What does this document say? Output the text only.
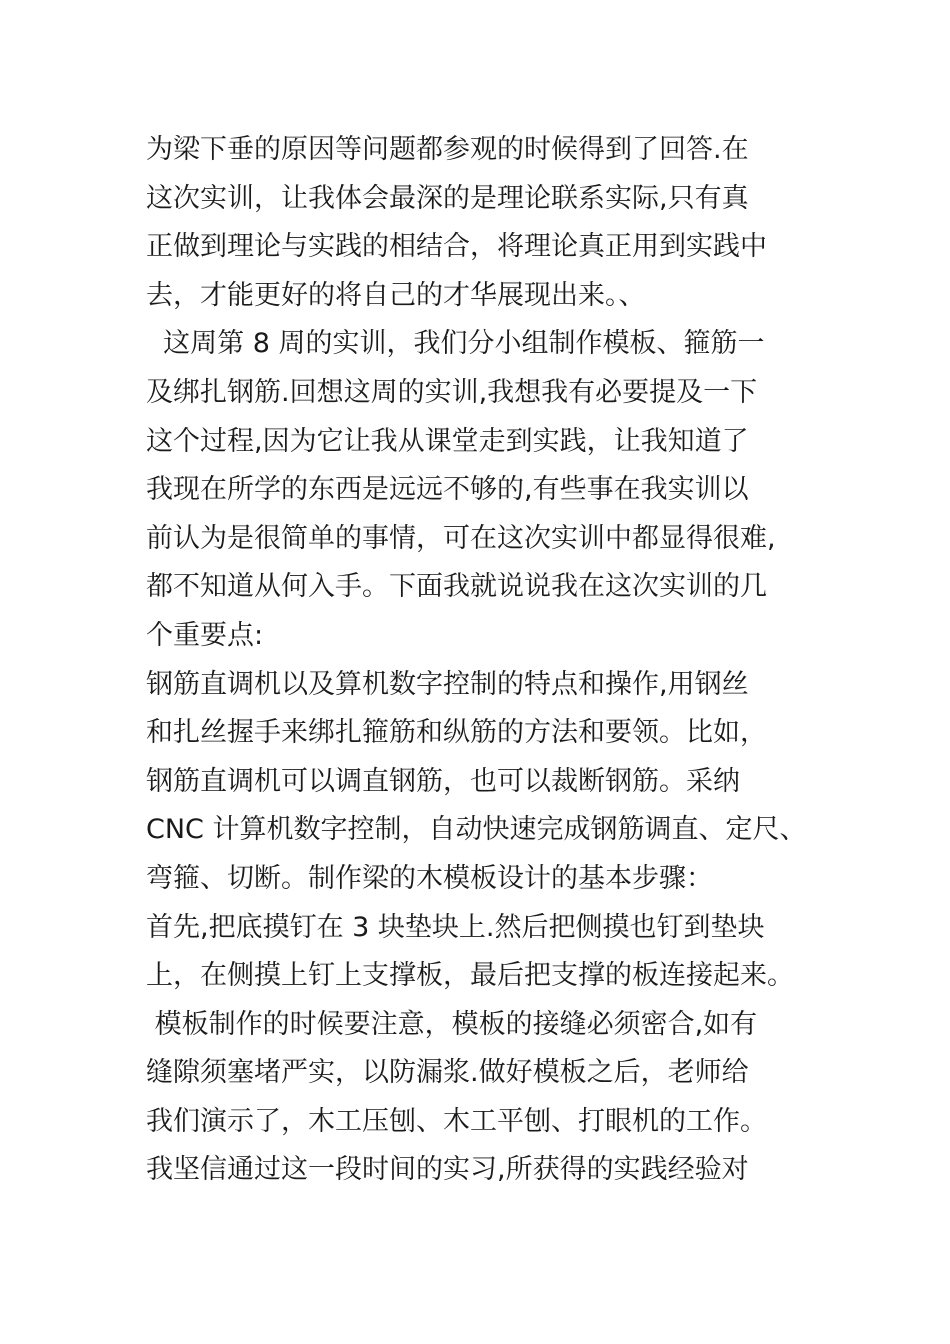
为梁下垂的原因等问题都参观的时候得到了回答.在
这次实训，让我体会最深的是理论联系实际,只有真
正做到理论与实践的相结合，将理论真正用到实践中
去，才能更好的将自己的才华展现出来。、
这周第 8 周的实训，我们分小组制作模板、箍筋一
及绑扎钢筋.回想这周的实训,我想我有必要提及一下
这个过程,因为它让我从课堂走到实践，让我知道了
我现在所学的东西是远远不够的,有些事在我实训以
前认为是很简单的事情，可在这次实训中都显得很难,
都不知道从何入手。下面我就说说我在这次实训的几
个重要点:
钢筋直调机以及算机数字控制的特点和操作,用钢丝
和扎丝握手来绑扎箍筋和纵筋的方法和要领。比如，
钢筋直调机可以调直钢筋，也可以裁断钢筋。采纳
CNC 计算机数字控制，自动快速完成钢筋调直、定尺、
弯箍、切断。制作梁的木模板设计的基本步骤：
首先,把底摸钉在 3 块垫块上.然后把侧摸也钉到垫块
上，在侧摸上钉上支撑板，最后把支撑的板连接起来。
模板制作的时候要注意，模板的接缝必须密合,如有
缝隙须塞堵严实，以防漏浆.做好模板之后，老师给
我们演示了，木工压刨、木工平刨、打眼机的工作。
我坚信通过这一段时间的实习,所获得的实践经验对
